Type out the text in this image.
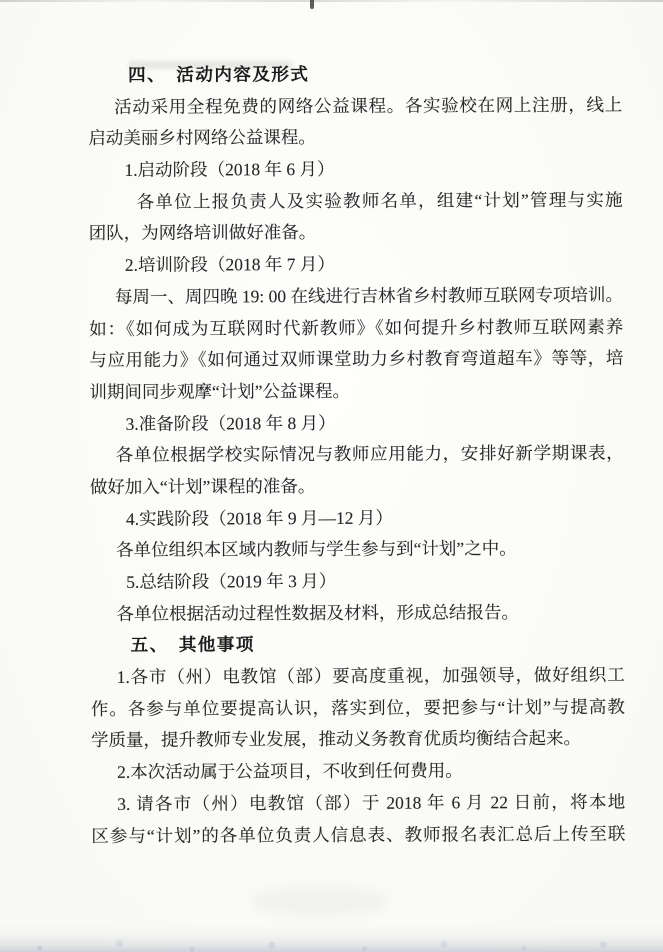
四、　活动内容及形式
活动采用全程免费的网络公益课程。各实验校在网上注册，线上
启动美丽乡村网络公益课程。
1.启动阶段（2018 年 6 月）
各单位上报负责人及实验教师名单，组建“计划”管理与实施
团队，为网络培训做好准备。
2.培训阶段（2018 年 7 月）
每周一、周四晚 19: 00 在线进行吉林省乡村教师互联网专项培训。
如：《如何成为互联网时代新教师》《如何提升乡村教师互联网素养
与应用能力》《如何通过双师课堂助力乡村教育弯道超车》等等，培
训期间同步观摩“计划”公益课程。
3.准备阶段（2018 年 8 月）
各单位根据学校实际情况与教师应用能力，安排好新学期课表，
做好加入“计划”课程的准备。
4.实践阶段（2018 年 9 月—12 月）
各单位组织本区域内教师与学生参与到“计划”之中。
5.总结阶段（2019 年 3 月）
各单位根据活动过程性数据及材料，形成总结报告。
五、　其他事项
1.各市（州）电教馆（部）要高度重视，加强领导，做好组织工
作。各参与单位要提高认识，落实到位，要把参与“计划”与提高教
学质量，提升教师专业发展，推动义务教育优质均衡结合起来。
2.本次活动属于公益项目，不收到任何费用。
3. 请各市（州）电教馆（部）于 2018 年 6 月 22 日前，将本地
区参与“计划”的各单位负责人信息表、教师报名表汇总后上传至联
